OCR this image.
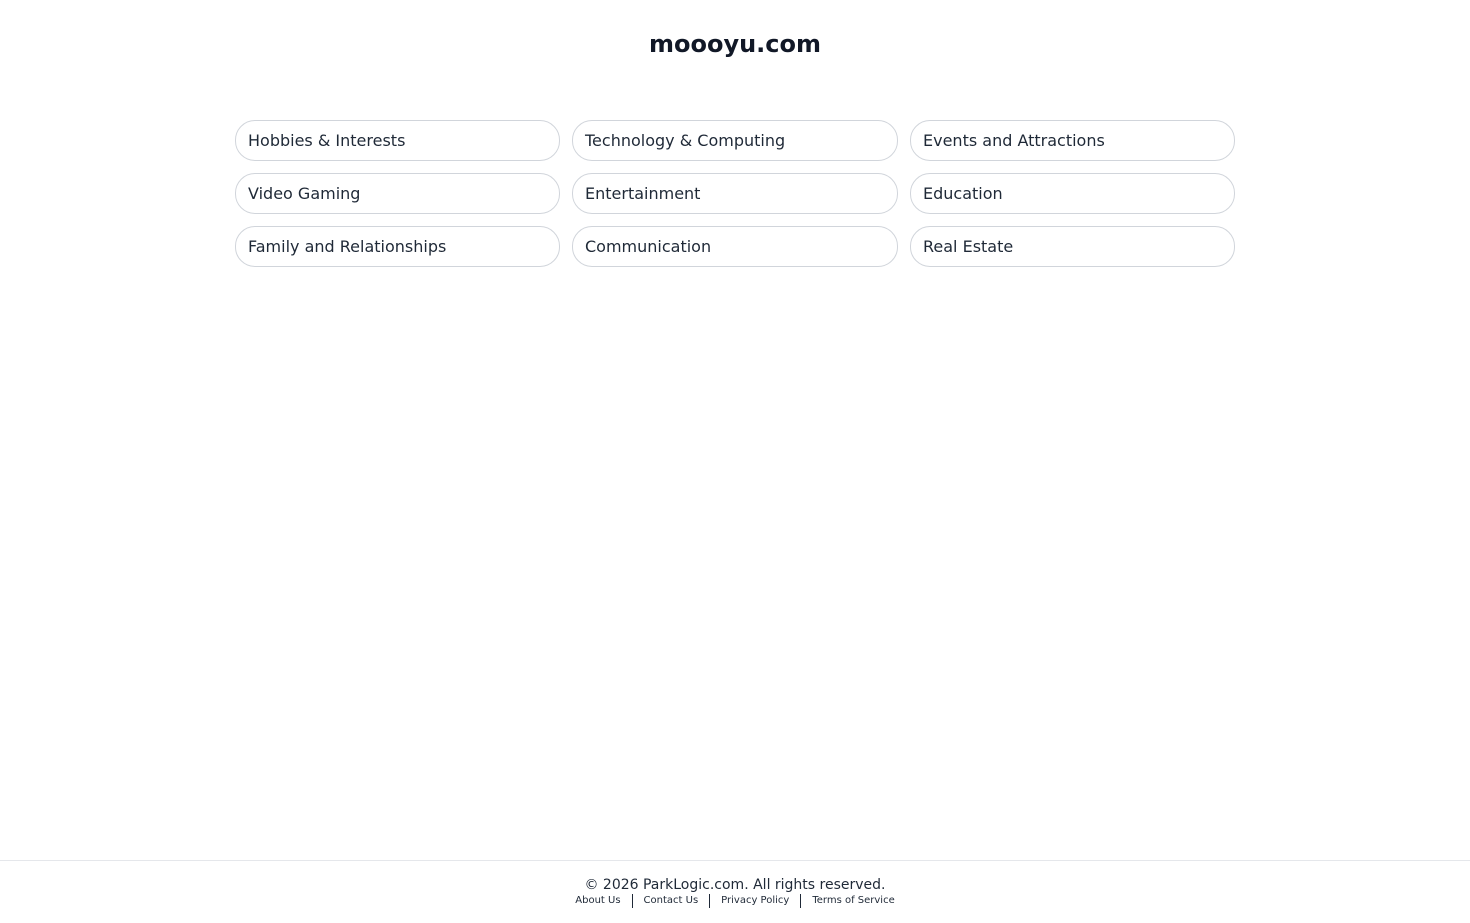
moooyu.com
Hobbies & Interests	Technology & Computing	Events and Attractions
Video Gaming	Entertainment	Education
Family and Relationships	Communication	Real Estate
© 2026 ParkLogic.com. All rights reserved.
About Us	Contact Us	Privacy Policy	Terms of Service
